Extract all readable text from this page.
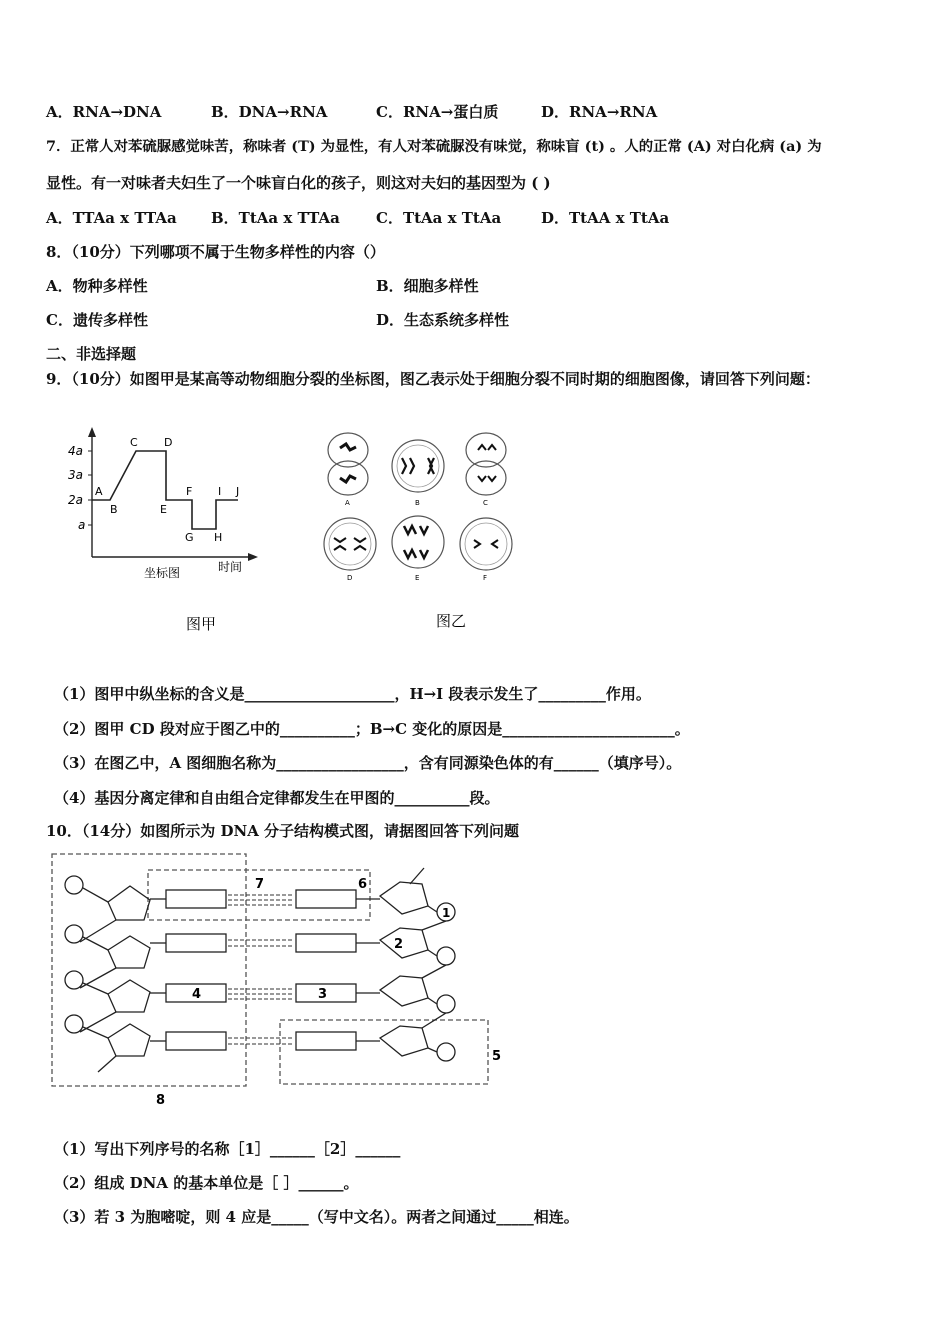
A．RNA→DNA	B．DNA→RNA	C．RNA→蛋白质	D．RNA→RNA
7．正常人对苯硫脲感觉味苦，称味者 (T) 为显性，有人对苯硫脲没有味觉，称味盲 (t) 。人的正常 (A) 对白化病 (a) 为
显性。有一对味者夫妇生了一个味盲白化的孩子，则这对夫妇的基因型为 ( )
A．TTAa x TTAa B．TtAa x TTAa C．TtAa x TtAa	D．TtAA x TtAa
8．（10分）下列哪项不属于生物多样性的内容（）
A．物种多样性	B．细胞多样性
C．遗传多样性	D．生态系统多样性
二、非选择题
9．（10分）如图甲是某高等动物细胞分裂的坐标图，图乙表示处于细胞分裂不同时期的细胞图像，请回答下列问题：
4a
3a
2a
a
A
B
C D
E
F
G H
I J
坐标图	时间
图甲
A	B	C
D	E	F
图乙
（1）图甲中纵坐标的含义是____________________，H→I 段表示发生了_________作用。
（2）图甲 CD 段对应于图乙中的__________；B→C 变化的原因是_______________________。
（3）在图乙中，A 图细胞名称为_________________，含有同源染色体的有______（填序号）。
（4）基因分离定律和自由组合定律都发生在甲图的__________段。
10．（14分）如图所示为 DNA 分子结构模式图，请据图回答下列问题
1
2
3
4
5
6
7
8
（1）写出下列序号的名称［1］______［2］______
（2）组成 DNA 的基本单位是［ ］______。
（3）若 3 为胞嘧啶，则 4 应是_____（写中文名）。两者之间通过_____相连。
